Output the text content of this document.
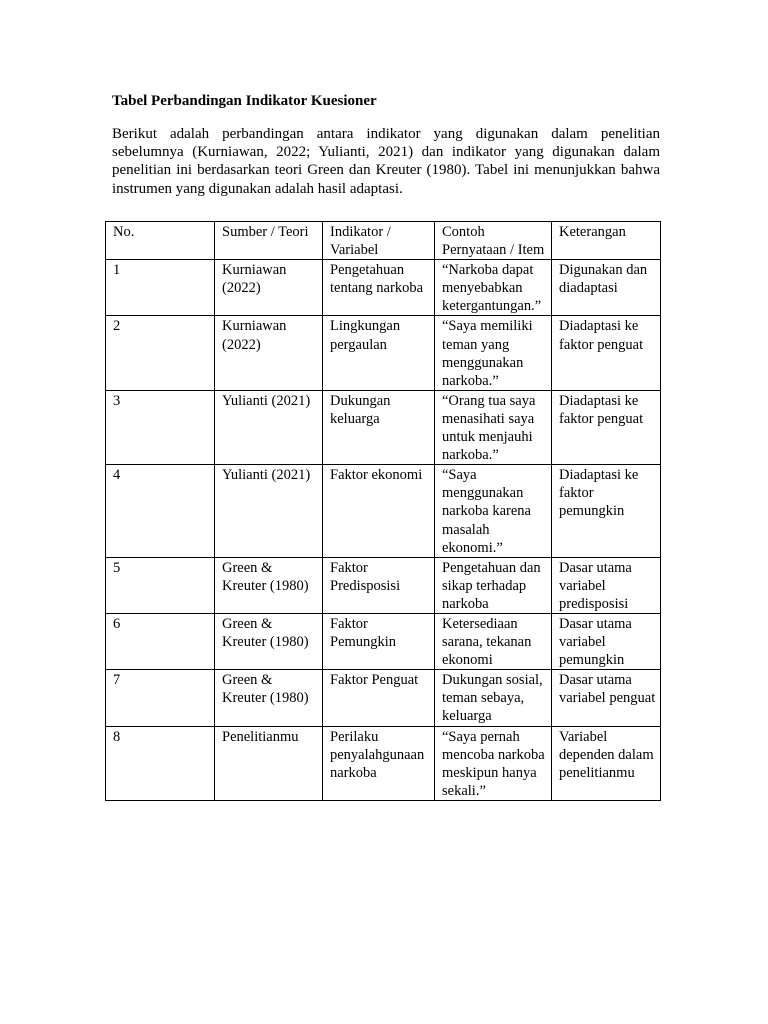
Tabel Perbandingan Indikator Kuesioner

Berikut adalah perbandingan antara indikator yang digunakan dalam penelitian sebelumnya (Kurniawan, 2022; Yulianti, 2021) dan indikator yang digunakan dalam penelitian ini berdasarkan teori Green dan Kreuter (1980). Tabel ini menunjukkan bahwa instrumen yang digunakan adalah hasil adaptasi.

No.	Sumber / Teori	Indikator / Variabel	Contoh Pernyataan / Item	Keterangan
1	Kurniawan (2022)	Pengetahuan tentang narkoba	“Narkoba dapat menyebabkan ketergantungan.”	Digunakan dan diadaptasi
2	Kurniawan (2022)	Lingkungan pergaulan	“Saya memiliki teman yang menggunakan narkoba.”	Diadaptasi ke faktor penguat
3	Yulianti (2021)	Dukungan keluarga	“Orang tua saya menasihati saya untuk menjauhi narkoba.”	Diadaptasi ke faktor penguat
4	Yulianti (2021)	Faktor ekonomi	“Saya menggunakan narkoba karena masalah ekonomi.”	Diadaptasi ke faktor pemungkin
5	Green & Kreuter (1980)	Faktor Predisposisi	Pengetahuan dan sikap terhadap narkoba	Dasar utama variabel predisposisi
6	Green & Kreuter (1980)	Faktor Pemungkin	Ketersediaan sarana, tekanan ekonomi	Dasar utama variabel pemungkin
7	Green & Kreuter (1980)	Faktor Penguat	Dukungan sosial, teman sebaya, keluarga	Dasar utama variabel penguat
8	Penelitianmu	Perilaku penyalahgunaan narkoba	“Saya pernah mencoba narkoba meskipun hanya sekali.”	Variabel dependen dalam penelitianmu
